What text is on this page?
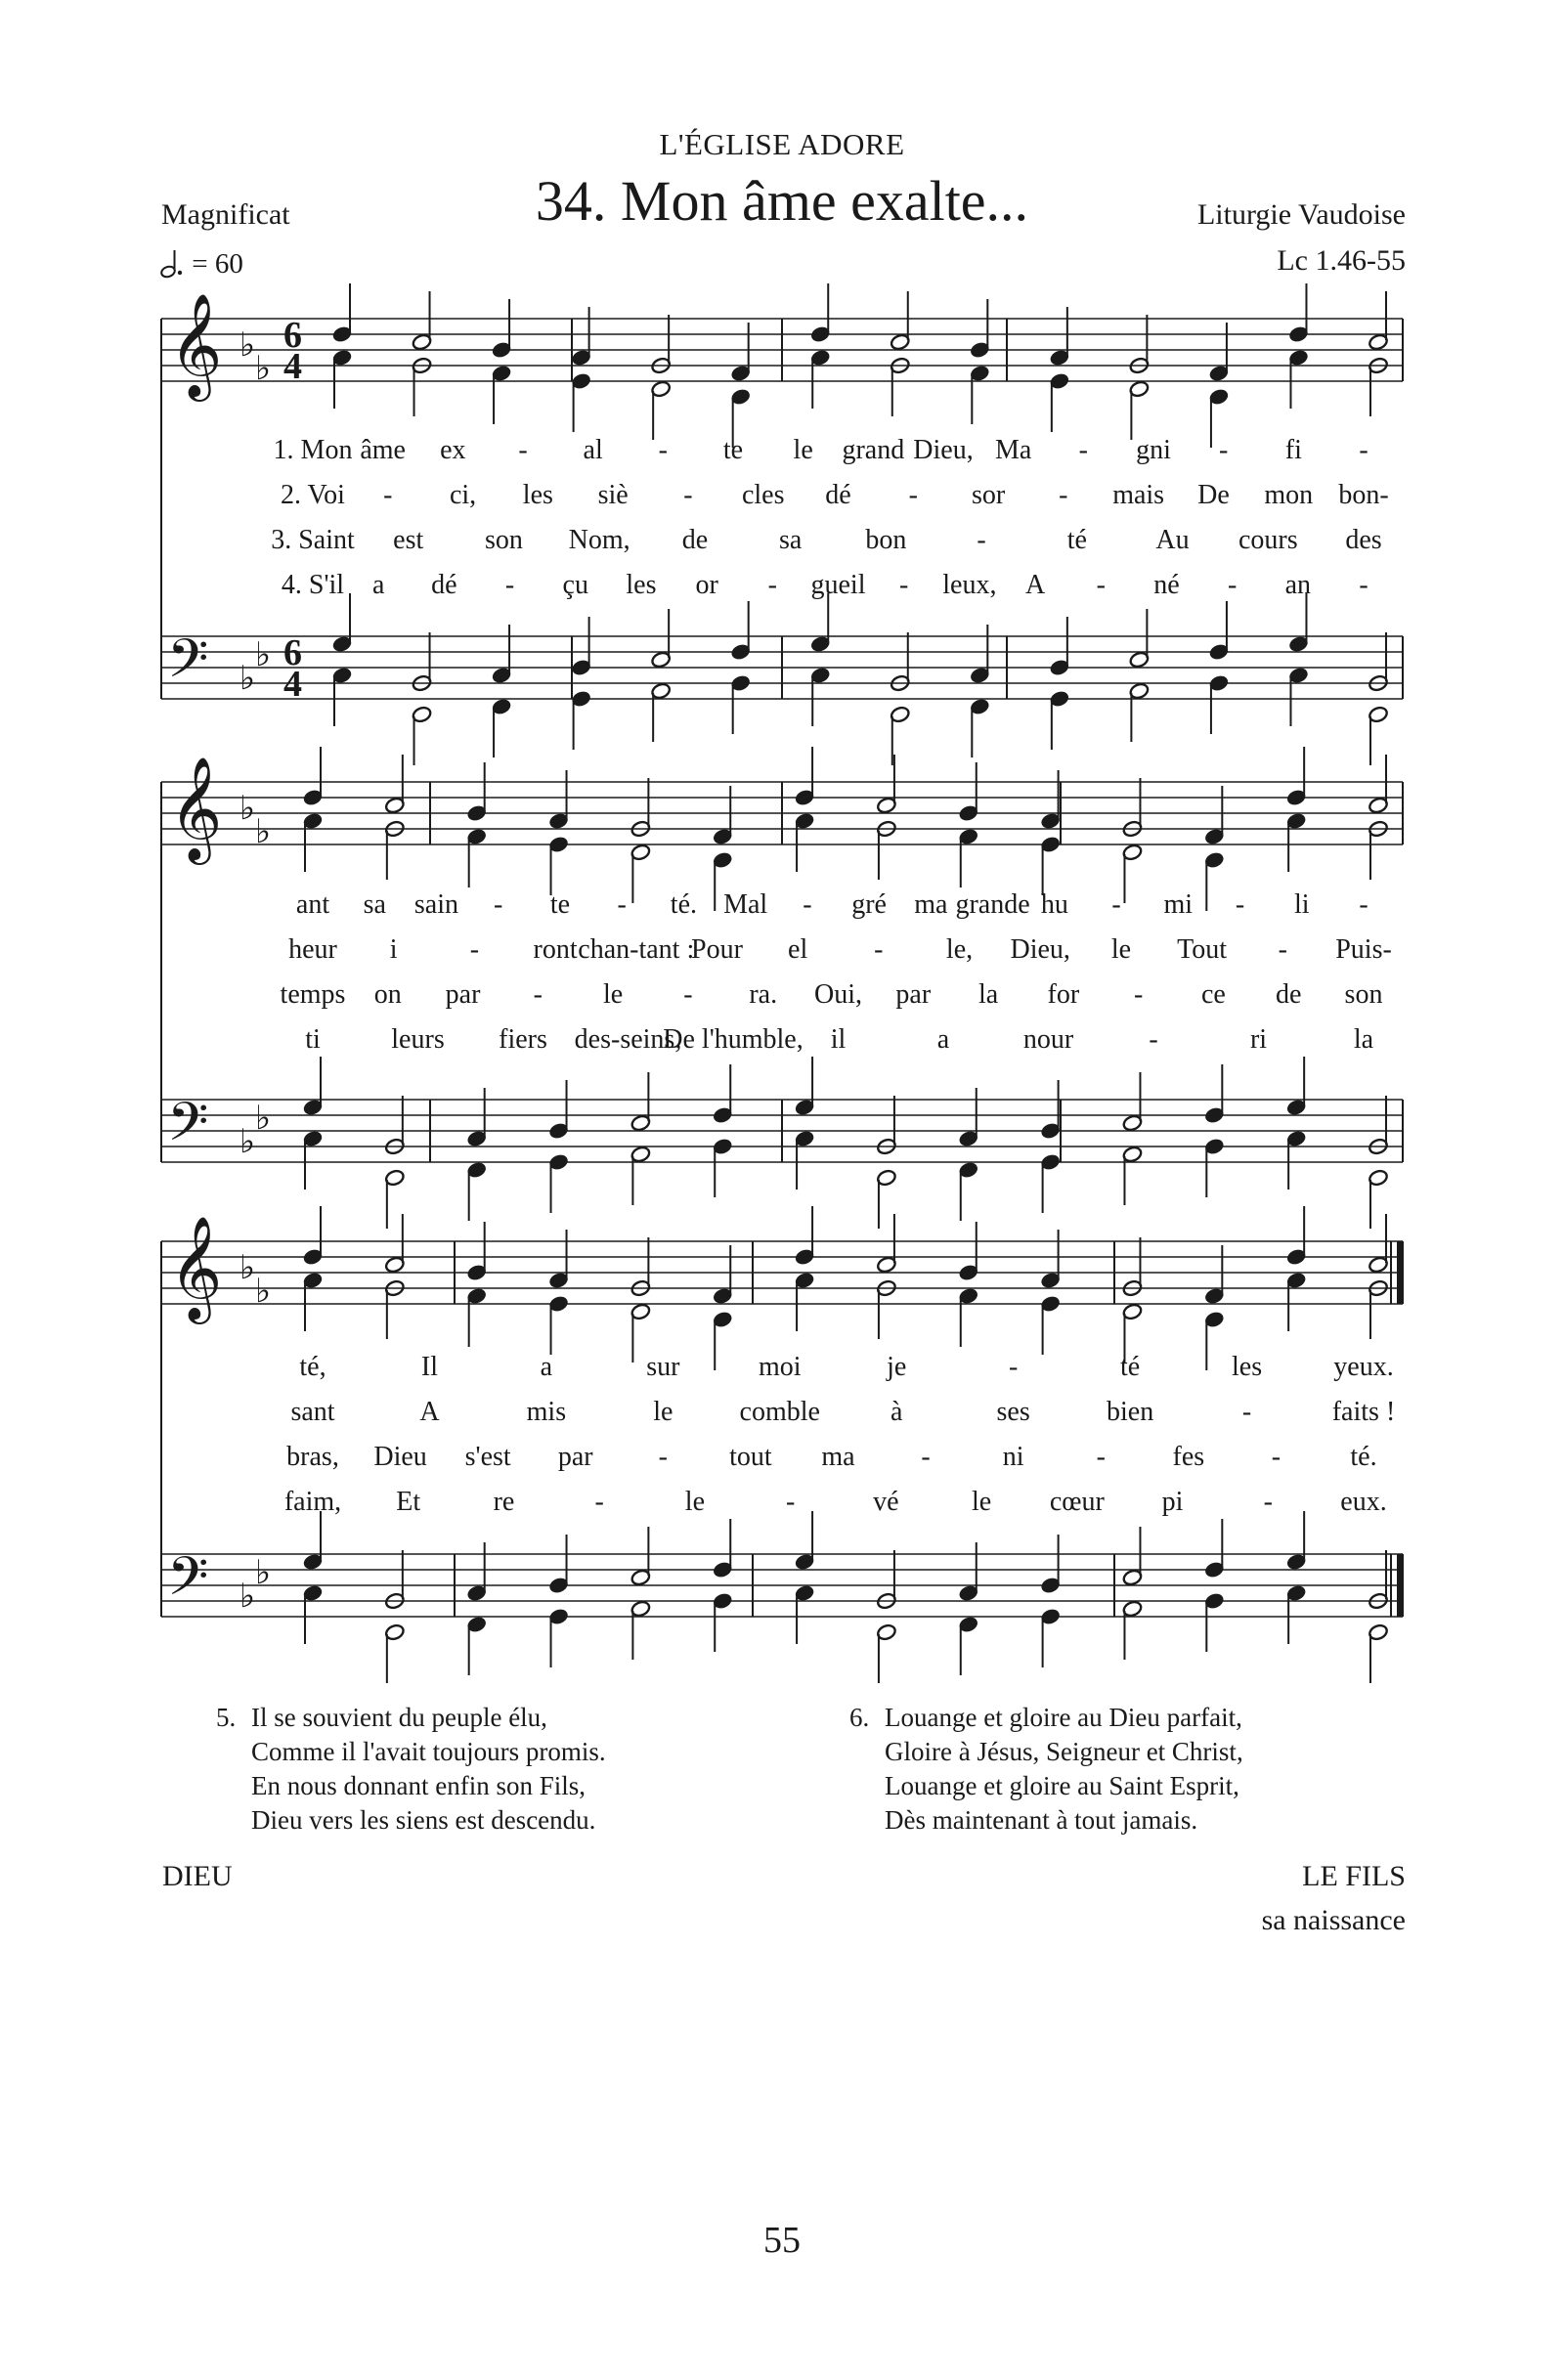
L'ÉGLISE ADORE
34. Mon âme exalte...
Magnificat
= 60
Liturgie Vaudoise
Lc 1.46-55
𝄞
𝄢
♭
♭
♭
♭
6
4
6
4
𝄞
𝄢
♭
♭
♭
♭
𝄞
𝄢
♭
♭
♭
♭
1. Mon âme ex - al - te le grand Dieu, Ma - gni - fi -
2. Voi - ci, les siè - cles dé - sor - mais De mon bon-
3. Saint est son Nom, de	sa bon	-	té	Au cours des
4. S'il a dé - çu les or - gueil - leux, A - né - an -
ant sa sain - te - té. Mal - gré ma grande hu - mi - li -
heur i	- ront chan-tant :
Pour el - le, Dieu, le Tout - Puis-
temps on par - le - ra. Oui, par la for - ce de son
ti	leurs fiers des-seins,
De l'humble, il	a	nour	-	ri	la
té,	Il	a	sur	moi	je	-	té	les	yeux.
sant	A	mis	le comble	à	ses	bien	-	faits !
bras, Dieu s'est par - tout ma -	ni	- fes -	té.
faim, Et	re	-	le	-	vé	le cœur pi	- eux.
5. Il se souvient du peuple élu,
Comme il l'avait toujours promis.
En nous donnant enfin son Fils,
Dieu vers les siens est descendu.
6. Louange et gloire au Dieu parfait,
Gloire à Jésus, Seigneur et Christ,
Louange et gloire au Saint Esprit,
Dès maintenant à tout jamais.
DIEU	LE FILS
sa naissance
55
